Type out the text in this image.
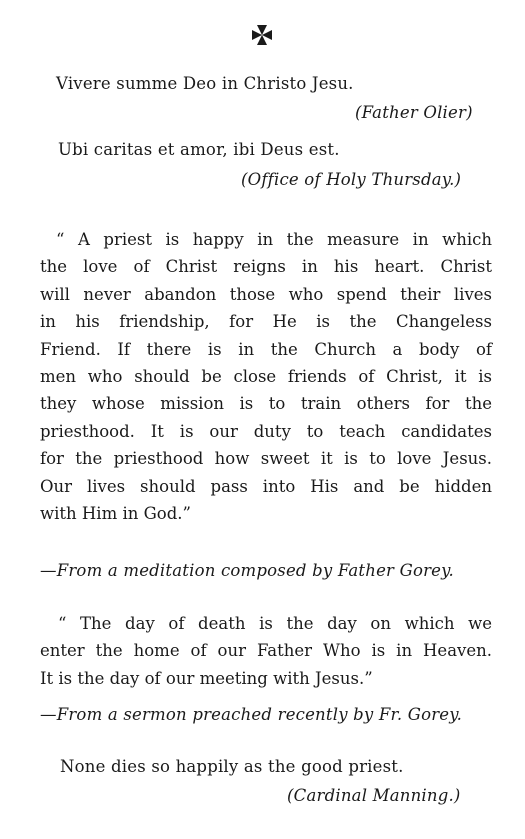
Vivere summe Deo in Christo Jesu.
(Father Olier)
Ubi caritas et amor, ibi Deus est.
(Office of Holy Thursday.)
“ A priest is happy in the measure in which
the love of Christ reigns in his heart. Christ
will never abandon those who spend their lives
in his friendship, for He is the Changeless
Friend. If there is in the Church a body of
men who should be close friends of Christ, it is
they whose mission is to train others for the
priesthood. It is our duty to teach candidates
for the priesthood how sweet it is to love Jesus.
Our lives should pass into His and be hidden
with Him in God.”
—From a meditation composed by Father Gorey.
“ The day of death is the day on which we
enter the home of our Father Who is in Heaven.
It is the day of our meeting with Jesus.”
—From a sermon preached recently by Fr. Gorey.
None dies so happily as the good priest.
(Cardinal Manning.)
